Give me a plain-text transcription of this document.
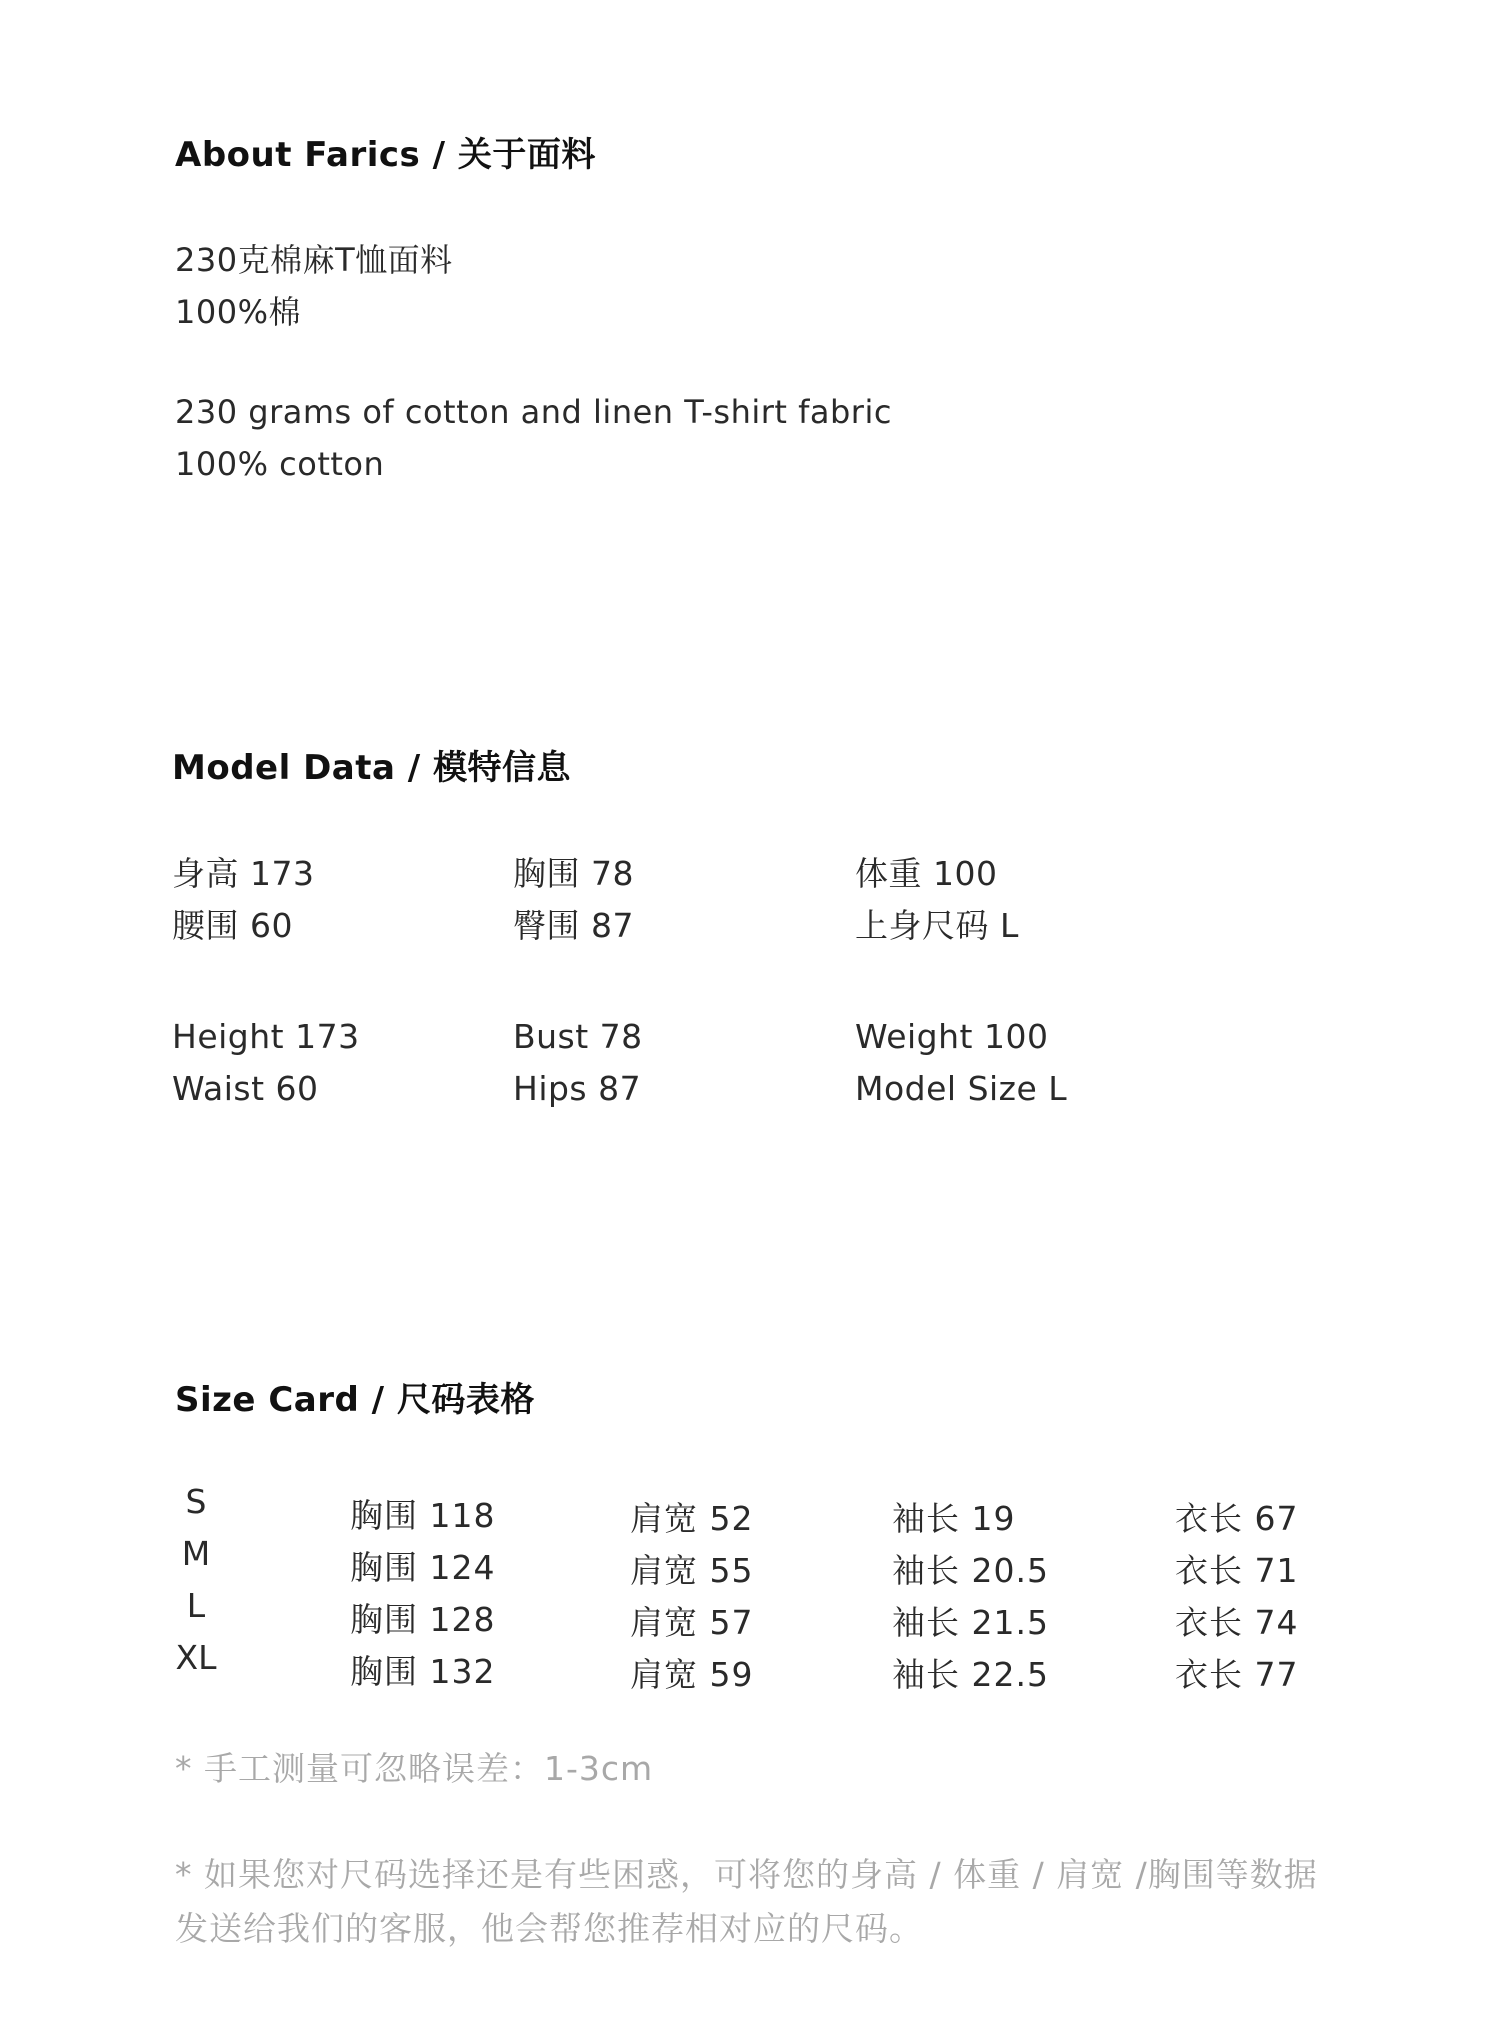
About Farics / 关于面料
230克棉麻T恤面料
100%棉
230 grams of cotton and linen T-shirt fabric
100% cotton
Model Data / 模特信息
身高 173	胸围 78	体重 100
腰围 60	臀围 87	上身尺码 L
Height 173	Bust 78	Weight 100
Waist 60	Hips 87	Model Size L
Size Card / 尺码表格
S	胸围 118	肩宽 52	袖长 19	衣长 67
M	胸围 124	肩宽 55	袖长 20.5	衣长 71
L	胸围 128	肩宽 57	袖长 21.5	衣长 74
XL	胸围 132	肩宽 59	袖长 22.5	衣长 77
* 手工测量可忽略误差：1-3cm
* 如果您对尺码选择还是有些困惑，可将您的身高 / 体重 / 肩宽 /胸围等数据发送给我们的客服，他会帮您推荐相对应的尺码。
